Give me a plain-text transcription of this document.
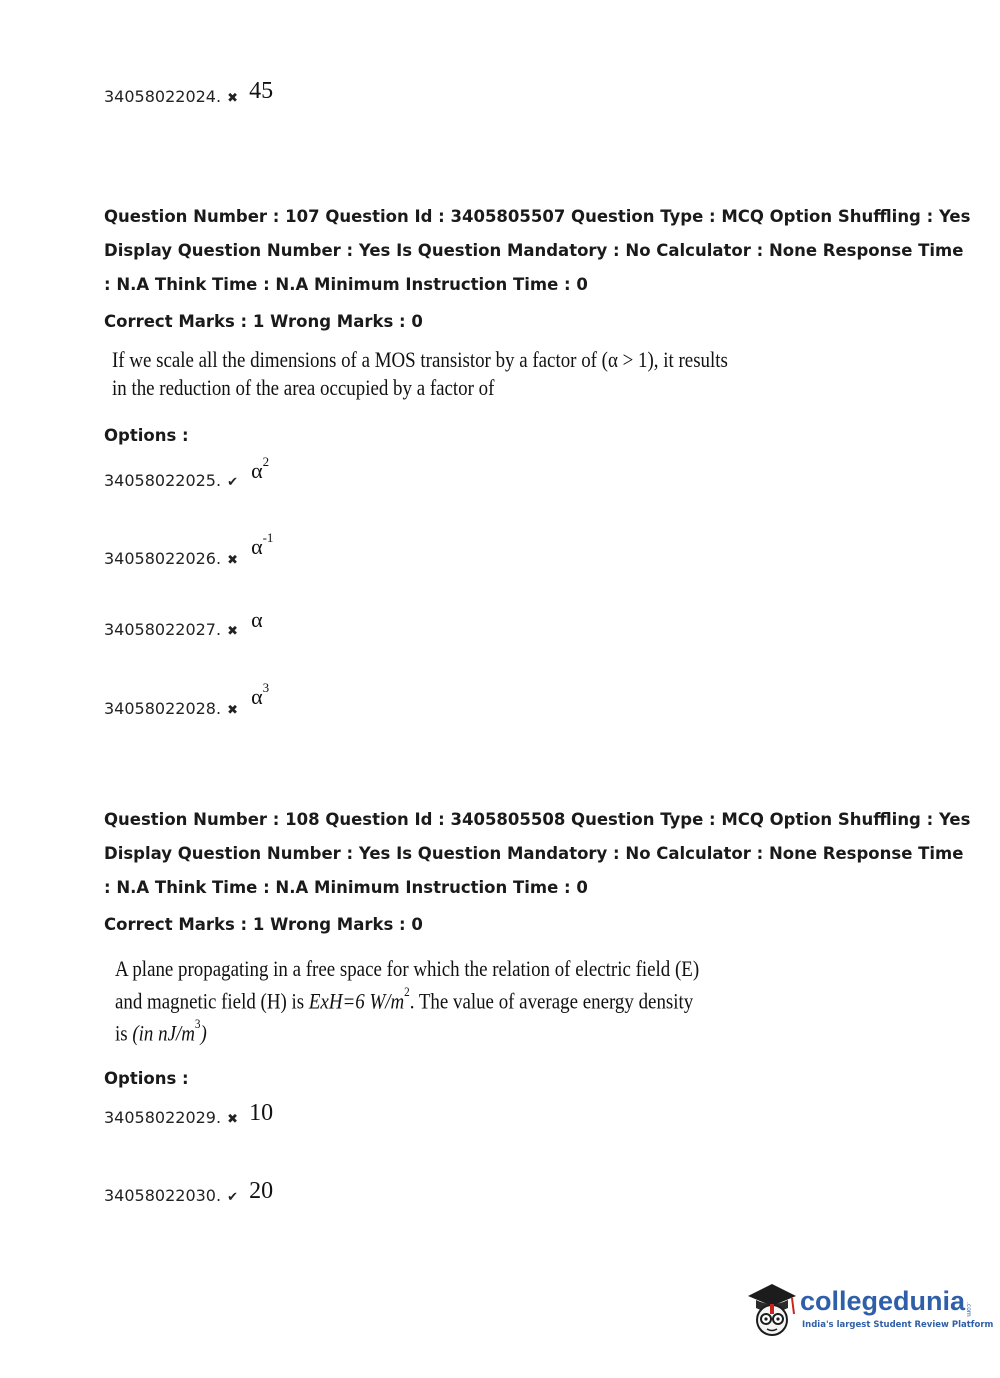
34058022024. ✖ 45
Question Number : 107 Question Id : 3405805507 Question Type : MCQ Option Shuffling : Yes
Display Question Number : Yes Is Question Mandatory : No Calculator : None Response Time
: N.A Think Time : N.A Minimum Instruction Time : 0
Correct Marks : 1 Wrong Marks : 0
If we scale all the dimensions of a MOS transistor by a factor of (α > 1), it results
in the reduction of the area occupied by a factor of
Options :
34058022025. $_✔$ $\alpha^2$
34058022026. $_✖$ $\alpha^{-1}$
34058022027. $_✖$ α
34058022028. $_✖$ $\alpha^3$
Question Number : 108 Question Id : 3405805508 Question Type : MCQ Option Shuffling : Yes
Display Question Number : Yes Is Question Mandatory : No Calculator : None Response Time
: N.A Think Time : N.A Minimum Instruction Time : 0
Correct Marks : 1 Wrong Marks : 0
A plane propagating in a free space for which the relation of electric field (E)
and magnetic field (H) is ExH=6 $W/m^2$. The value of average energy density
is (in $nJ/m^3$)
Options :
34058022029. ✖ 10
34058022030. ✔ 20
collegedunia.com
India's largest Student Review Platform
